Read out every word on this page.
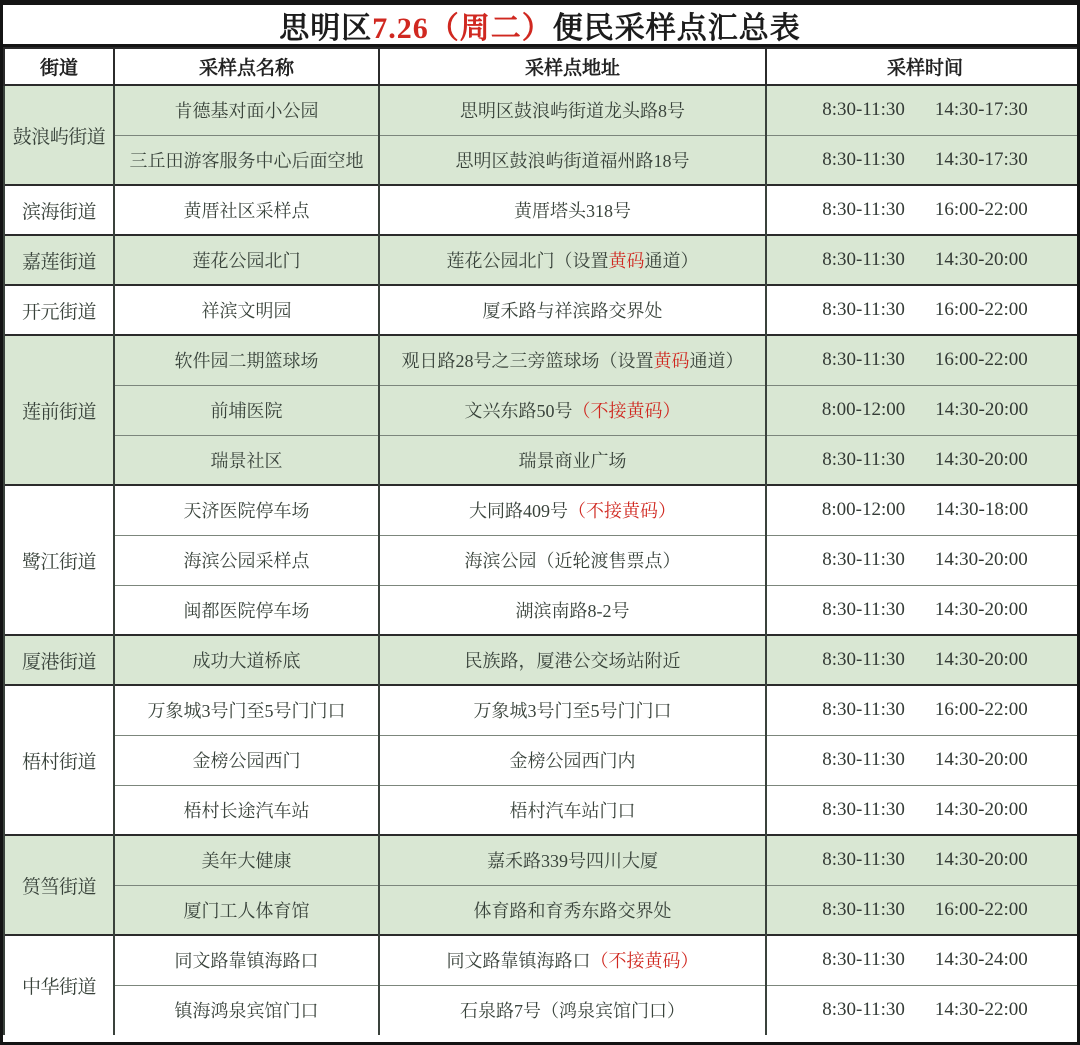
思明区 7.26（周二） 便民采样点汇总表
街道	采样点名称	采样点地址	采样时间
鼓浪屿街道	肯德基对面小公园	思明区鼓浪屿街道龙头路8号	8:30-11:30 14:30-17:30
	三丘田游客服务中心后面空地	思明区鼓浪屿街道福州路18号	8:30-11:30 14:30-17:30
滨海街道	黄厝社区采样点	黄厝塔头318号	8:30-11:30 16:00-22:00
嘉莲街道	莲花公园北门	莲花公园北门（设置黄码通道）	8:30-11:30 14:30-20:00
开元街道	祥滨文明园	厦禾路与祥滨路交界处	8:30-11:30 16:00-22:00
莲前街道	软件园二期篮球场	观日路28号之三旁篮球场（设置黄码通道）	8:30-11:30 16:00-22:00
	前埔医院	文兴东路50号（不接黄码）	8:00-12:00 14:30-20:00
	瑞景社区	瑞景商业广场	8:30-11:30 14:30-20:00
鹭江街道	天济医院停车场	大同路409号（不接黄码）	8:00-12:00 14:30-18:00
	海滨公园采样点	海滨公园（近轮渡售票点）	8:30-11:30 14:30-20:00
	闽都医院停车场	湖滨南路8-2号	8:30-11:30 14:30-20:00
厦港街道	成功大道桥底	民族路，厦港公交场站附近	8:30-11:30 14:30-20:00
梧村街道	万象城3号门至5号门门口	万象城3号门至5号门门口	8:30-11:30 16:00-22:00
	金榜公园西门	金榜公园西门内	8:30-11:30 14:30-20:00
	梧村长途汽车站	梧村汽车站门口	8:30-11:30 14:30-20:00
筼筜街道	美年大健康	嘉禾路339号四川大厦	8:30-11:30 14:30-20:00
	厦门工人体育馆	体育路和育秀东路交界处	8:30-11:30 16:00-22:00
中华街道	同文路靠镇海路口	同文路靠镇海路口（不接黄码）	8:30-11:30 14:30-24:00
	镇海鸿泉宾馆门口	石泉路7号（鸿泉宾馆门口）	8:30-11:30 14:30-22:00
